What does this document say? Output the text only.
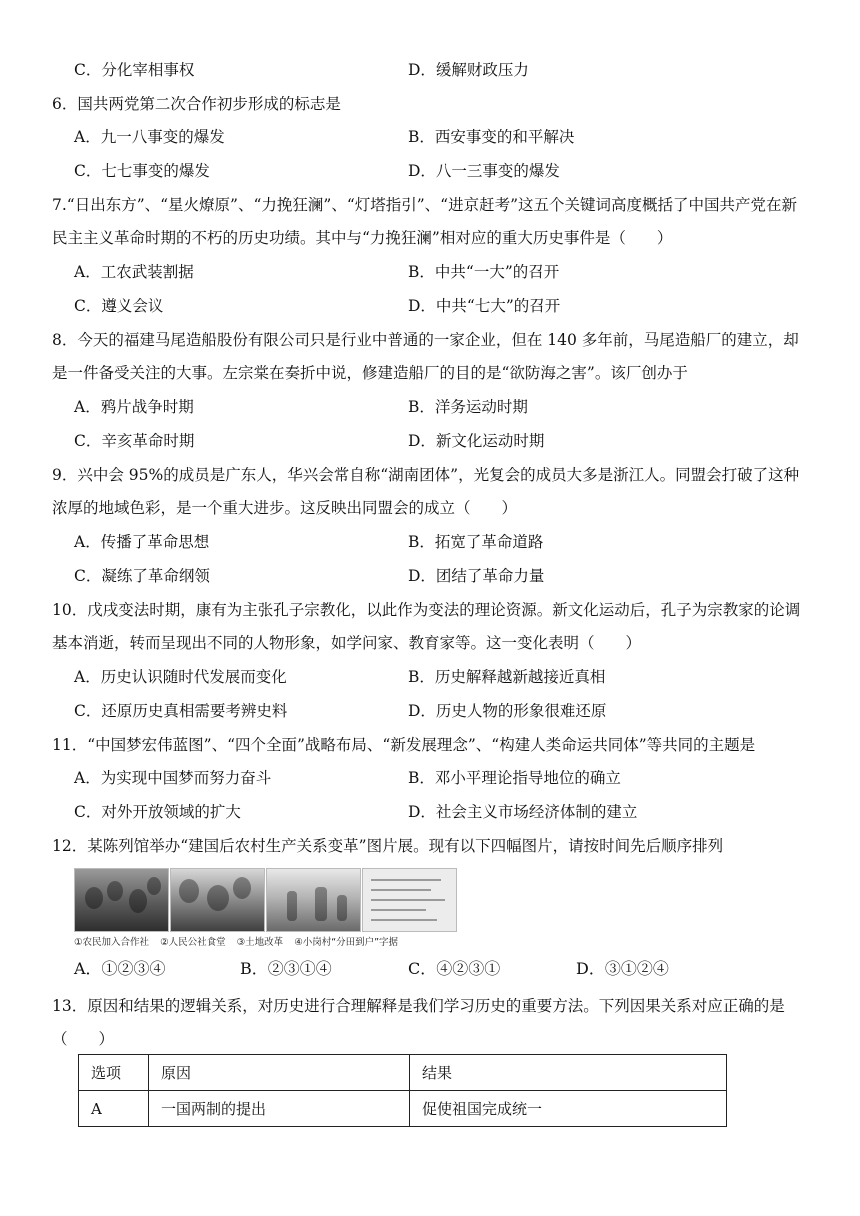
C．分化宰相事权	D．缓解财政压力
6．国共两党第二次合作初步形成的标志是
A．九一八事变的爆发	B．西安事变的和平解决
C．七七事变的爆发	D．八一三事变的爆发
7.“日出东方”、“星火燎原”、“力挽狂澜”、“灯塔指引”、“进京赶考”这五个关键词高度概括了中国共产党在新
民主主义革命时期的不朽的历史功绩。其中与“力挽狂澜”相对应的重大历史事件是（　　）
A．工农武装割据	B．中共“一大”的召开
C．遵义会议	D．中共“七大”的召开
8．今天的福建马尾造船股份有限公司只是行业中普通的一家企业，但在 140 多年前，马尾造船厂的建立，却
是一件备受关注的大事。左宗棠在奏折中说，修建造船厂的目的是“欲防海之害”。该厂创办于
A．鸦片战争时期	B．洋务运动时期
C．辛亥革命时期	D．新文化运动时期
9．兴中会 95%的成员是广东人，华兴会常自称“湖南团体”，光复会的成员大多是浙江人。同盟会打破了这种
浓厚的地域色彩，是一个重大进步。这反映出同盟会的成立（　　）
A．传播了革命思想	B．拓宽了革命道路
C．凝练了革命纲领	D．团结了革命力量
10．戊戌变法时期，康有为主张孔子宗教化，以此作为变法的理论资源。新文化运动后，孔子为宗教家的论调
基本消逝，转而呈现出不同的人物形象，如学问家、教育家等。这一变化表明（　　）
A．历史认识随时代发展而变化	B．历史解释越新越接近真相
C．还原历史真相需要考辨史料	D．历史人物的形象很难还原
11．“中国梦宏伟蓝图”、“四个全面”战略布局、“新发展理念”、“构建人类命运共同体”等共同的主题是
A．为实现中国梦而努力奋斗	B．邓小平理论指导地位的确立
C．对外开放领域的扩大	D．社会主义市场经济体制的建立
12．某陈列馆举办“建国后农村生产关系变革”图片展。现有以下四幅图片，请按时间先后顺序排列
①农民加入合作社 ②人民公社食堂 ③土地改革 ④小岗村“分田到户”字据
A．①②③④	B．②③①④	C．④②③①	D．③①②④
13．原因和结果的逻辑关系，对历史进行合理解释是我们学习历史的重要方法。下列因果关系对应正确的是
（　　）
选项	原因	结果
A	一国两制的提出	促使祖国完成统一
